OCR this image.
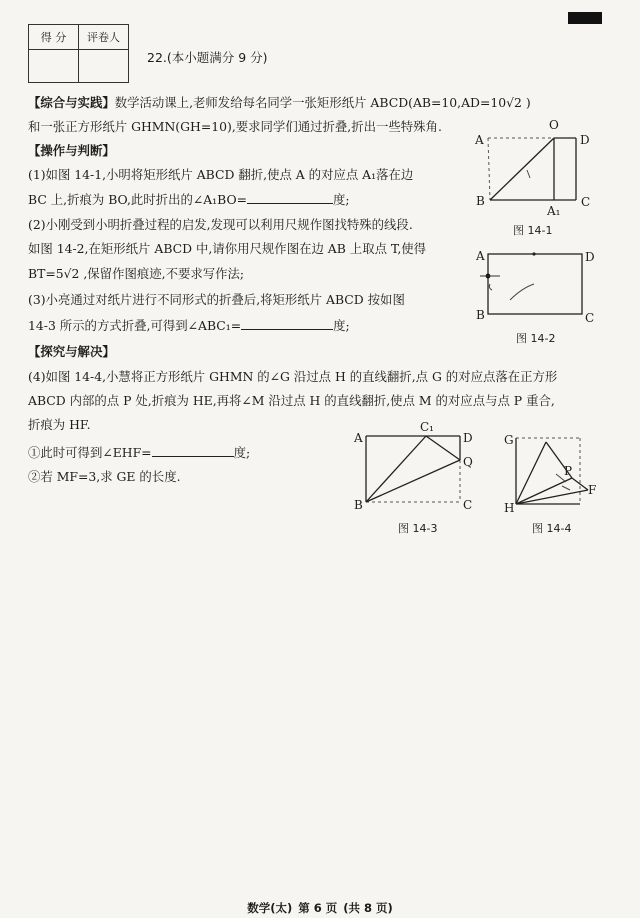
得 分	评卷人

22.(本小题满分 9 分)
【综合与实践】数学活动课上,老师发给每名同学一张矩形纸片 ABCD(AB=10,AD=10√2 )
和一张正方形纸片 GHMN(GH=10),要求同学们通过折叠,折出一些特殊角.
【操作与判断】
(1)如图 14-1,小明将矩形纸片 ABCD 翻折,使点 A 的对应点 A₁落在边
BC 上,折痕为 BO,此时折出的∠A₁BO=	度;
(2)小刚受到小明折叠过程的启发,发现可以利用尺规作图找特殊的线段.
如图 14-2,在矩形纸片 ABCD 中,请你用尺规作图在边 AB 上取点 T,使得
BT=5√2 ,保留作图痕迹,不要求写作法;
(3)小亮通过对纸片进行不同形式的折叠后,将矩形纸片 ABCD 按如图
14-3 所示的方式折叠,可得到∠ABC₁=	度;
【探究与解决】
(4)如图 14-4,小慧将正方形纸片 GHMN 的∠G 沿过点 H 的直线翻折,点 G 的对应点落在正方形
ABCD 内部的点 P 处,折痕为 HE,再将∠M 沿过点 H 的直线翻折,使点 M 的对应点与点 P 重合,
折痕为 HF.
①此时可得到∠EHF=	度;
②若 MF=3,求 GE 的长度.
A
O
D
B	C
A₁
图 14-1
A	D
B	C
图 14-2
A
C₁
D
Q
B	C
图 14-3
G
P
H
F
图 14-4
数学(太) 第 6 页 (共 8 页)
